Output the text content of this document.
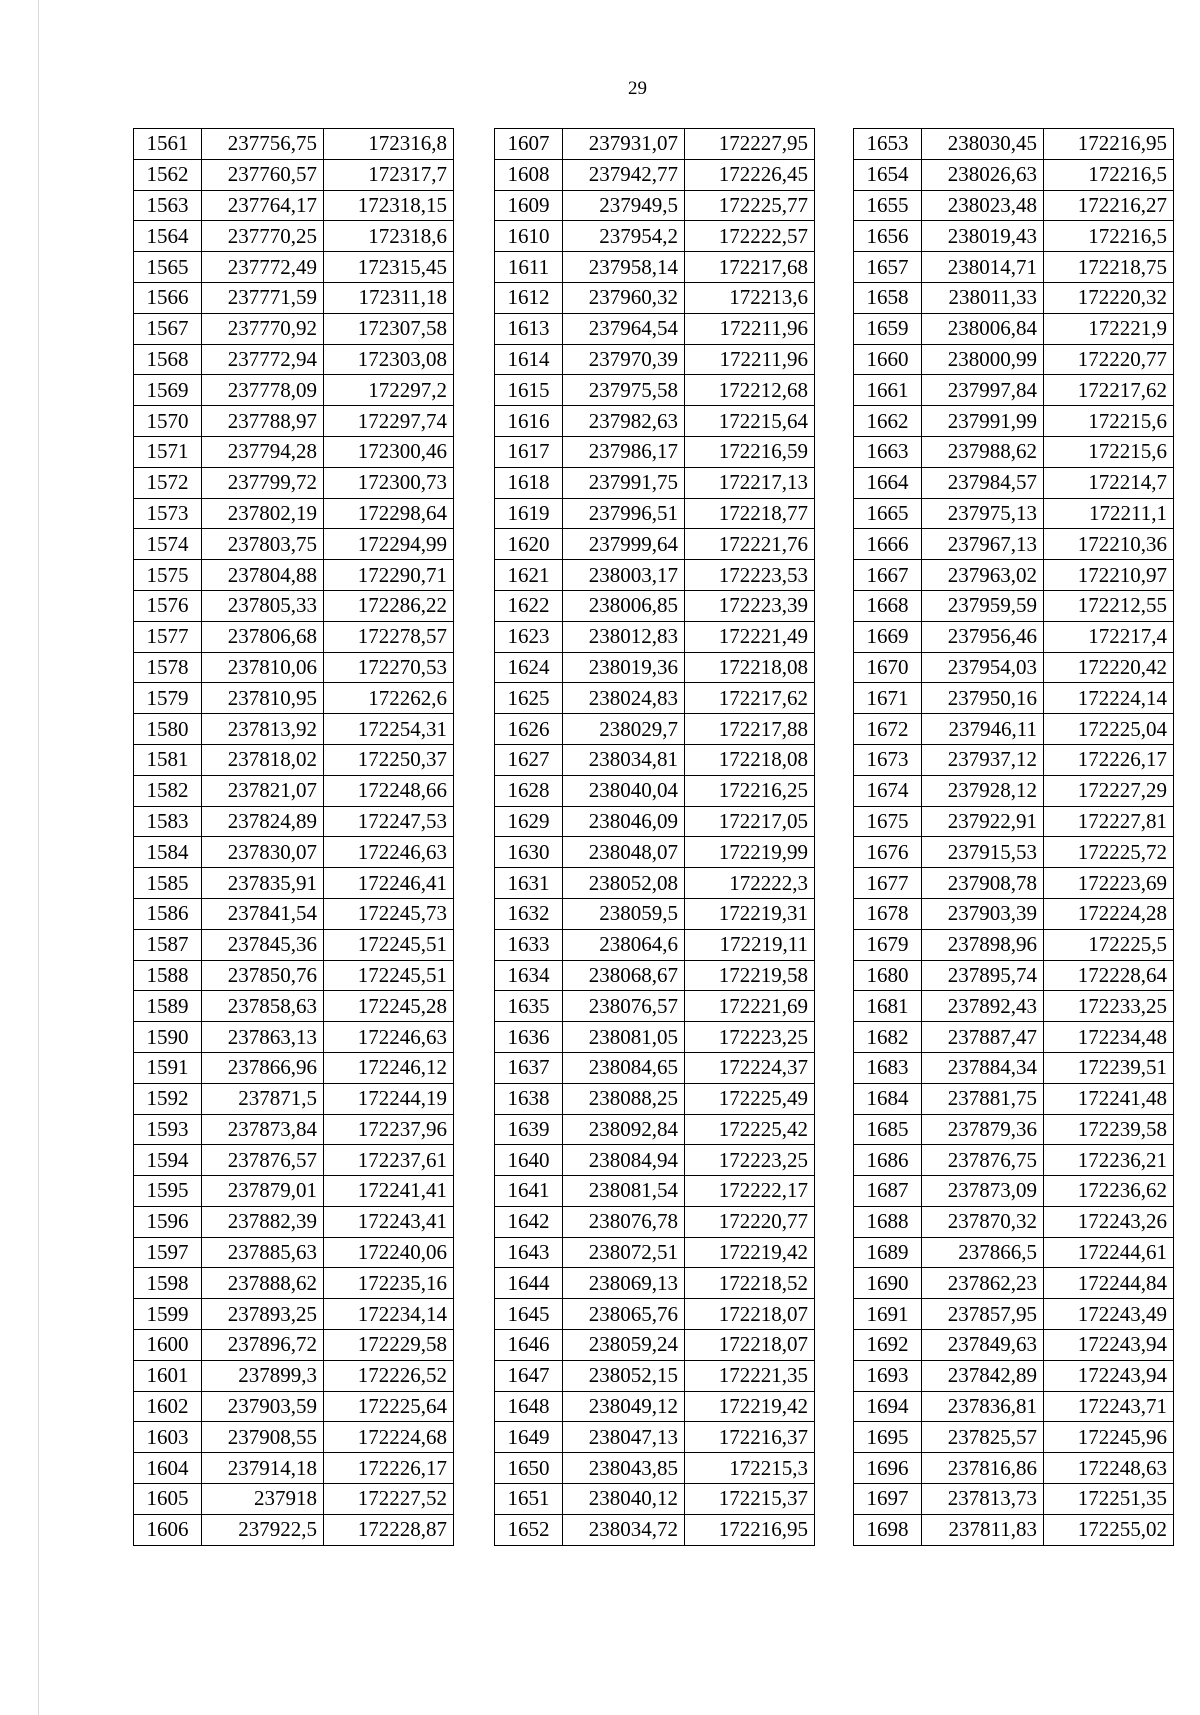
29
1561	237756,75	172316,8
1562	237760,57	172317,7
1563	237764,17	172318,15
1564	237770,25	172318,6
1565	237772,49	172315,45
1566	237771,59	172311,18
1567	237770,92	172307,58
1568	237772,94	172303,08
1569	237778,09	172297,2
1570	237788,97	172297,74
1571	237794,28	172300,46
1572	237799,72	172300,73
1573	237802,19	172298,64
1574	237803,75	172294,99
1575	237804,88	172290,71
1576	237805,33	172286,22
1577	237806,68	172278,57
1578	237810,06	172270,53
1579	237810,95	172262,6
1580	237813,92	172254,31
1581	237818,02	172250,37
1582	237821,07	172248,66
1583	237824,89	172247,53
1584	237830,07	172246,63
1585	237835,91	172246,41
1586	237841,54	172245,73
1587	237845,36	172245,51
1588	237850,76	172245,51
1589	237858,63	172245,28
1590	237863,13	172246,63
1591	237866,96	172246,12
1592	237871,5	172244,19
1593	237873,84	172237,96
1594	237876,57	172237,61
1595	237879,01	172241,41
1596	237882,39	172243,41
1597	237885,63	172240,06
1598	237888,62	172235,16
1599	237893,25	172234,14
1600	237896,72	172229,58
1601	237899,3	172226,52
1602	237903,59	172225,64
1603	237908,55	172224,68
1604	237914,18	172226,17
1605	237918	172227,52
1606	237922,5	172228,87
1607	237931,07	172227,95
1608	237942,77	172226,45
1609	237949,5	172225,77
1610	237954,2	172222,57
1611	237958,14	172217,68
1612	237960,32	172213,6
1613	237964,54	172211,96
1614	237970,39	172211,96
1615	237975,58	172212,68
1616	237982,63	172215,64
1617	237986,17	172216,59
1618	237991,75	172217,13
1619	237996,51	172218,77
1620	237999,64	172221,76
1621	238003,17	172223,53
1622	238006,85	172223,39
1623	238012,83	172221,49
1624	238019,36	172218,08
1625	238024,83	172217,62
1626	238029,7	172217,88
1627	238034,81	172218,08
1628	238040,04	172216,25
1629	238046,09	172217,05
1630	238048,07	172219,99
1631	238052,08	172222,3
1632	238059,5	172219,31
1633	238064,6	172219,11
1634	238068,67	172219,58
1635	238076,57	172221,69
1636	238081,05	172223,25
1637	238084,65	172224,37
1638	238088,25	172225,49
1639	238092,84	172225,42
1640	238084,94	172223,25
1641	238081,54	172222,17
1642	238076,78	172220,77
1643	238072,51	172219,42
1644	238069,13	172218,52
1645	238065,76	172218,07
1646	238059,24	172218,07
1647	238052,15	172221,35
1648	238049,12	172219,42
1649	238047,13	172216,37
1650	238043,85	172215,3
1651	238040,12	172215,37
1652	238034,72	172216,95
1653	238030,45	172216,95
1654	238026,63	172216,5
1655	238023,48	172216,27
1656	238019,43	172216,5
1657	238014,71	172218,75
1658	238011,33	172220,32
1659	238006,84	172221,9
1660	238000,99	172220,77
1661	237997,84	172217,62
1662	237991,99	172215,6
1663	237988,62	172215,6
1664	237984,57	172214,7
1665	237975,13	172211,1
1666	237967,13	172210,36
1667	237963,02	172210,97
1668	237959,59	172212,55
1669	237956,46	172217,4
1670	237954,03	172220,42
1671	237950,16	172224,14
1672	237946,11	172225,04
1673	237937,12	172226,17
1674	237928,12	172227,29
1675	237922,91	172227,81
1676	237915,53	172225,72
1677	237908,78	172223,69
1678	237903,39	172224,28
1679	237898,96	172225,5
1680	237895,74	172228,64
1681	237892,43	172233,25
1682	237887,47	172234,48
1683	237884,34	172239,51
1684	237881,75	172241,48
1685	237879,36	172239,58
1686	237876,75	172236,21
1687	237873,09	172236,62
1688	237870,32	172243,26
1689	237866,5	172244,61
1690	237862,23	172244,84
1691	237857,95	172243,49
1692	237849,63	172243,94
1693	237842,89	172243,94
1694	237836,81	172243,71
1695	237825,57	172245,96
1696	237816,86	172248,63
1697	237813,73	172251,35
1698	237811,83	172255,02
